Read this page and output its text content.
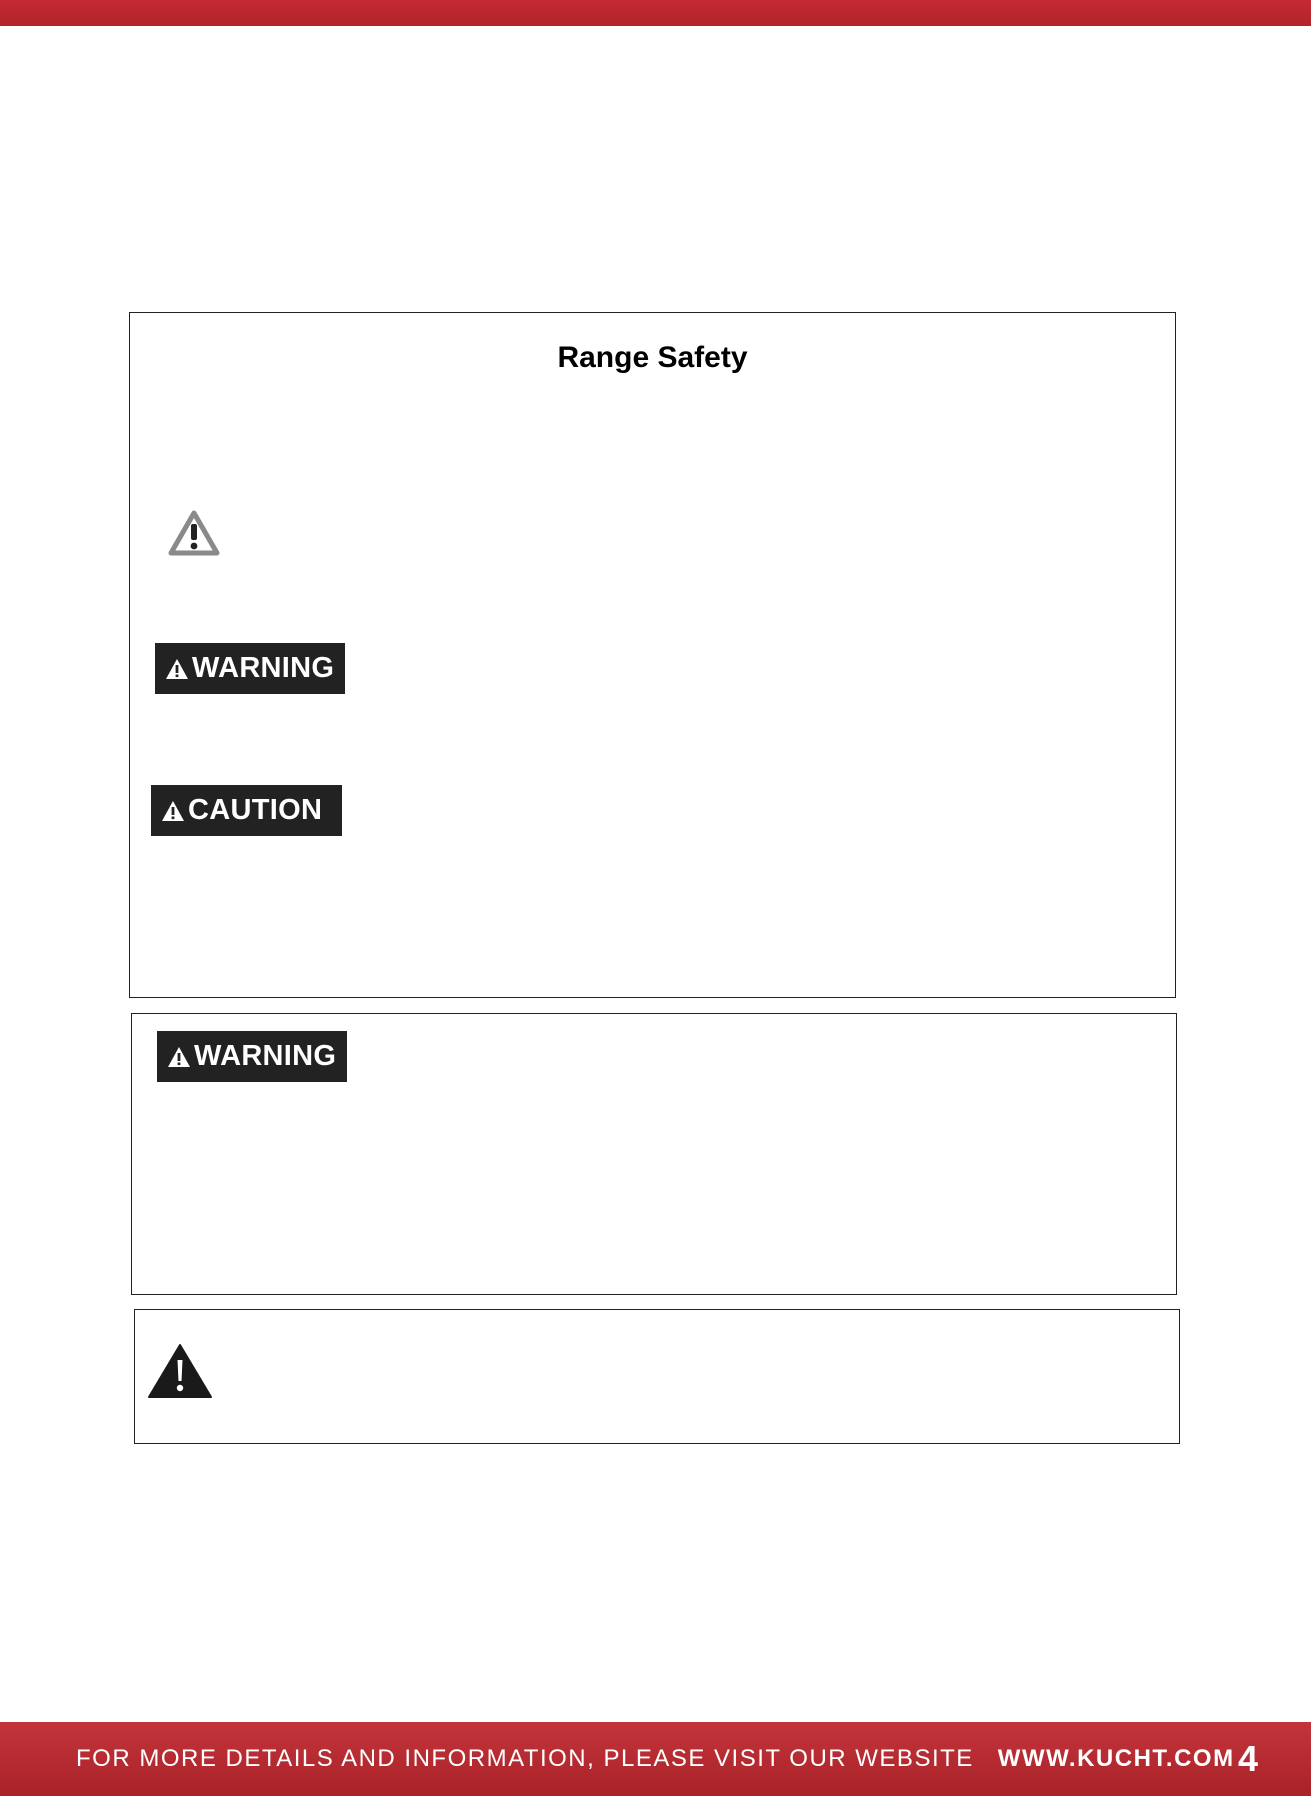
Range Safety
WARNING
CAUTION
WARNING
FOR MORE DETAILS AND INFORMATION, PLEASE VISIT OUR WEBSITE WWW.KUCHT.COM 4
